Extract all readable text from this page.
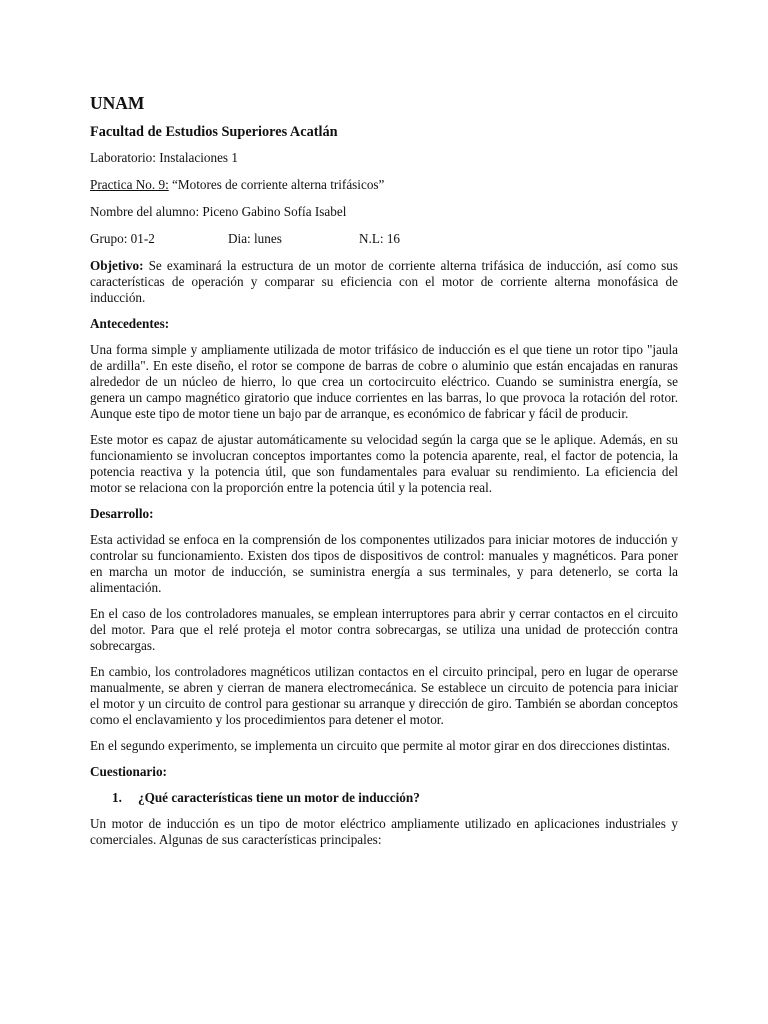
UNAM
Facultad de Estudios Superiores Acatlán
Laboratorio: Instalaciones 1
Practica No. 9: “Motores de corriente alterna trifásicos”
Nombre del alumno: Piceno Gabino Sofía Isabel
Grupo: 01-2	Dia: lunes	N.L: 16

Objetivo: Se examinará la estructura de un motor de corriente alterna trifásica de inducción, así como sus características de operación y comparar su eficiencia con el motor de corriente alterna monofásica de inducción.

Antecedentes:

Una forma simple y ampliamente utilizada de motor trifásico de inducción es el que tiene un rotor tipo "jaula de ardilla". En este diseño, el rotor se compone de barras de cobre o aluminio que están encajadas en ranuras alrededor de un núcleo de hierro, lo que crea un cortocircuito eléctrico. Cuando se suministra energía, se genera un campo magnético giratorio que induce corrientes en las barras, lo que provoca la rotación del rotor. Aunque este tipo de motor tiene un bajo par de arranque, es económico de fabricar y fácil de producir.

Este motor es capaz de ajustar automáticamente su velocidad según la carga que se le aplique. Además, en su funcionamiento se involucran conceptos importantes como la potencia aparente, real, el factor de potencia, la potencia reactiva y la potencia útil, que son fundamentales para evaluar su rendimiento. La eficiencia del motor se relaciona con la proporción entre la potencia útil y la potencia real.

Desarrollo:

Esta actividad se enfoca en la comprensión de los componentes utilizados para iniciar motores de inducción y controlar su funcionamiento. Existen dos tipos de dispositivos de control: manuales y magnéticos. Para poner en marcha un motor de inducción, se suministra energía a sus terminales, y para detenerlo, se corta la alimentación.

En el caso de los controladores manuales, se emplean interruptores para abrir y cerrar contactos en el circuito del motor. Para que el relé proteja el motor contra sobrecargas, se utiliza una unidad de protección contra sobrecargas.

En cambio, los controladores magnéticos utilizan contactos en el circuito principal, pero en lugar de operarse manualmente, se abren y cierran de manera electromecánica. Se establece un circuito de potencia para iniciar el motor y un circuito de control para gestionar su arranque y dirección de giro. También se abordan conceptos como el enclavamiento y los procedimientos para detener el motor.

En el segundo experimento, se implementa un circuito que permite al motor girar en dos direcciones distintas.

Cuestionario:
1.	¿Qué características tiene un motor de inducción?

Un motor de inducción es un tipo de motor eléctrico ampliamente utilizado en aplicaciones industriales y comerciales. Algunas de sus características principales:
